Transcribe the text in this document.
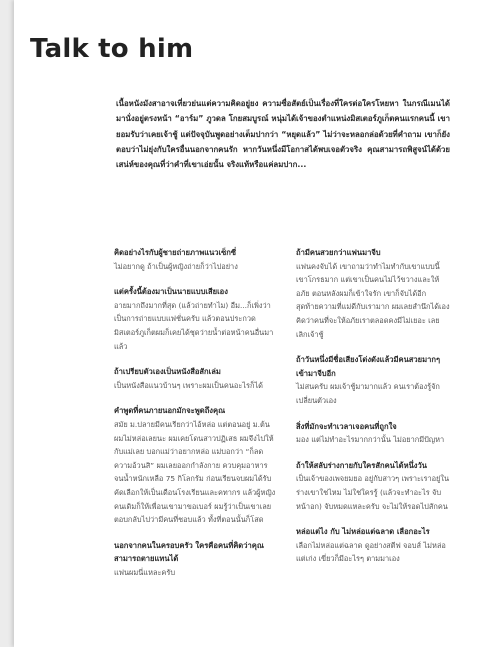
Talk to him

เนื้อหนังมังสาอาจเที่ยวย่นแต่ความคิดอยู่ยง ความซื่อสัตย์เป็นเรื่องที่ใครต่อใครโหยหา ในกรณีเมนได้มานั่งอยู่ตรงหน้า “อาร์ม” ภูวดล โกยสมบูรณ์ หนุ่มได้เจ้าของตำแหน่งมิสเตอร์ภูเก็ตคนแรกคนนี้ เขายอมรับว่าเคยเจ้าชู้ แต่ปัจจุบันพูดอย่างเต็มปากว่า “หยุดแล้ว” ไม่ว่าจะหลอกล่อด้วยที่คำถาม เขาก็ยังตอบว่าไม่ยุ่งกับใครอื่นนอกจากคนรัก หากวันหนึ่งมีโอกาสได้พบเจอตัวจริง คุณสามารถพิสูจน์ได้ด้วยเสน่ห์ของคุณที่ว่าคำที่เขาเอ่ยนั้น จริงแท้หรือแค่ลมปาก...

คิดอย่างไรกับผู้ชายถ่ายภาพแนวเซ็กซี่

ไม่อยากดู ถ้าเป็นผู้หญิงถ่ายก็ว่าไปอย่าง

แต่ครั้งนี้ต้องมาเป็นนายแบบเสียเอง

อายมากถึงมากที่สุด (แล้วถ่ายทำไม) อืม...ก็เพิ่งว่าเป็นการถ่ายแบบแฟชั่นครับ แล้วตอนประกวดมิสเตอร์ภูเก็ตผมก็เคยได้ชุดว่ายน้ำต่อหน้าคนอื่นมาแล้ว

ถ้าเปรียบตัวเองเป็นหนังสือสักเล่ม

เป็นหนังสือแนวบ้านๆ เพราะผมเป็นคนอะไรก็ได้

คำพูดที่คนภายนอกมักจะพูดถึงคุณ

สมัย ม.ปลายมีคนเรียกว่าไอ้หล่อ แต่ตอนอยู่ ม.ต้น ผมไม่หล่อเลยนะ ผมเคยโดนสาวปฏิเสธ ผมจึงไปให้กับแม่เลย บอกแม่ว่าอยากหล่อ แม่บอกว่า “ก็ลดความอ้วนสิ” ผมเลยออกกำลังกาย ควบคุมอาหาร จนน้ำหนักเหลือ 75 กิโลกรัม ก่อนเรียนจบผมได้รับคัดเลือกให้เป็นเดือนโรงเรียนและคทากร แล้วผู้หญิงคนเดิมก็ให้เพื่อนเขามาขอเบอร์ ผมรู้ว่าเป็นเขาเลยตอบกลับไปว่ามีคนที่ชอบแล้ว ทั้งที่ตอนนั้นก็โสด

นอกจากคนในครอบครัว ใครคือคนที่คิดว่าคุณสามารถตายแทนได้

แฟนผมนี่แหละครับ

ถ้ามีคนสวยกว่าแฟนมาจีบ

แฟนคงจับได้ เขาถามว่าทำไมทำกับเขาแบบนี้ เขาโกรธมาก แต่เขาเป็นคนไม่ไว้ขวางและให้อภัย ตอนหลังผมก็เข้าใจรัก เขาก็จับได้อีก สุดท้ายความที่แม่ดีกับเรามาก ผมเลยสำนึกได้เอง คิดว่าคนที่จะให้อภัยเราตลอดคงมีไม่เยอะ เลยเลิกเจ้าชู้

ถ้าวันหนึ่งมีชื่อเสียงโด่งดังแล้วมีคนสวยมากๆ เข้ามาจีบอีก

ไม่สนครับ ผมเจ้าชู้มามากแล้ว คนเราต้องรู้จักเปลี่ยนตัวเอง

สิ่งที่มักจะทำเวลาเจอคนที่ถูกใจ

มอง แต่ไม่ทำอะไรมากกว่านั้น ไม่อยากมีปัญหา

ถ้าให้สลับร่างกายกับใครสักคนได้หนึ่งวัน

เป็นเจ้าของเพจยมยอ อยู่กับสาวๆ เพราะเราอยู่ในร่างเขาใช่ไหม ไม่ใช่ใครรู้ (แล้วจะทำอะไร จับหน้าอก) จับหมดแหละครับ จะไม่ให้รอดไปสักคน

หล่อแต่ไง กับ ไม่หล่อแต่ฉลาด เลือกอะไร

เลือกไม่หล่อแต่ฉลาด ดูอย่างสตีฟ จอบส์ ไม่หล่อแต่เก่ง เขี่ยวก็มีอะไรๆ ตามมาเอง
